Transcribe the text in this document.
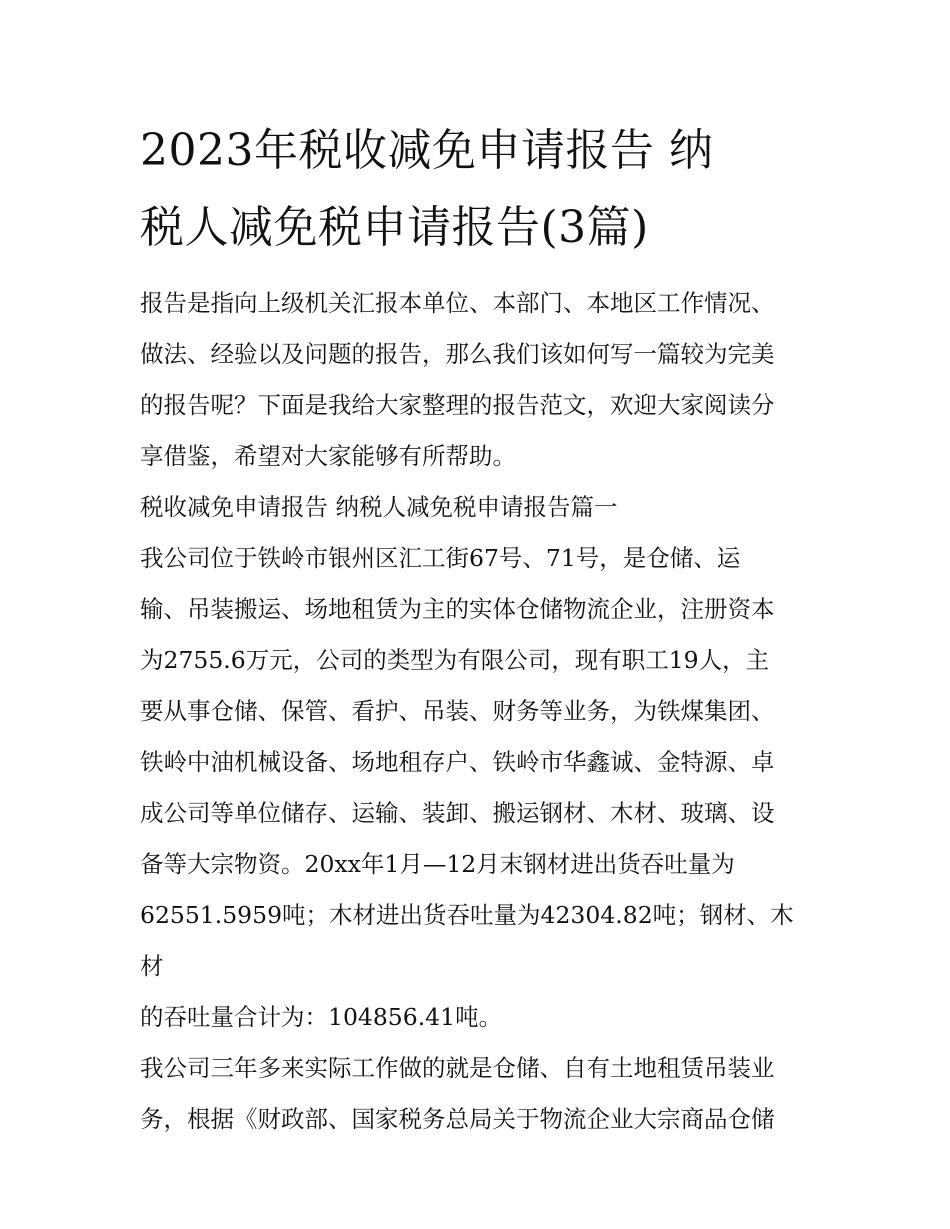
2023年税收减免申请报告 纳
税人减免税申请报告(3篇)
报告是指向上级机关汇报本单位、本部门、本地区工作情况、
做法、经验以及问题的报告，那么我们该如何写一篇较为完美
的报告呢？下面是我给大家整理的报告范文，欢迎大家阅读分
享借鉴，希望对大家能够有所帮助。
税收减免申请报告 纳税人减免税申请报告篇一
我公司位于铁岭市银州区汇工街67号、71号，是仓储、运
输、吊装搬运、场地租赁为主的实体仓储物流企业，注册资本
为2755.6万元，公司的类型为有限公司，现有职工19人，主
要从事仓储、保管、看护、吊装、财务等业务，为铁煤集团、
铁岭中油机械设备、场地租存户、铁岭市华鑫诚、金特源、卓
成公司等单位储存、运输、装卸、搬运钢材、木材、玻璃、设
备等大宗物资。20xx年1月—12月末钢材进出货吞吐量为
62551.5959吨；木材进出货吞吐量为42304.82吨；钢材、木材
的吞吐量合计为：104856.41吨。
我公司三年多来实际工作做的就是仓储、自有土地租赁吊装业
务，根据《财政部、国家税务总局关于物流企业大宗商品仓储
